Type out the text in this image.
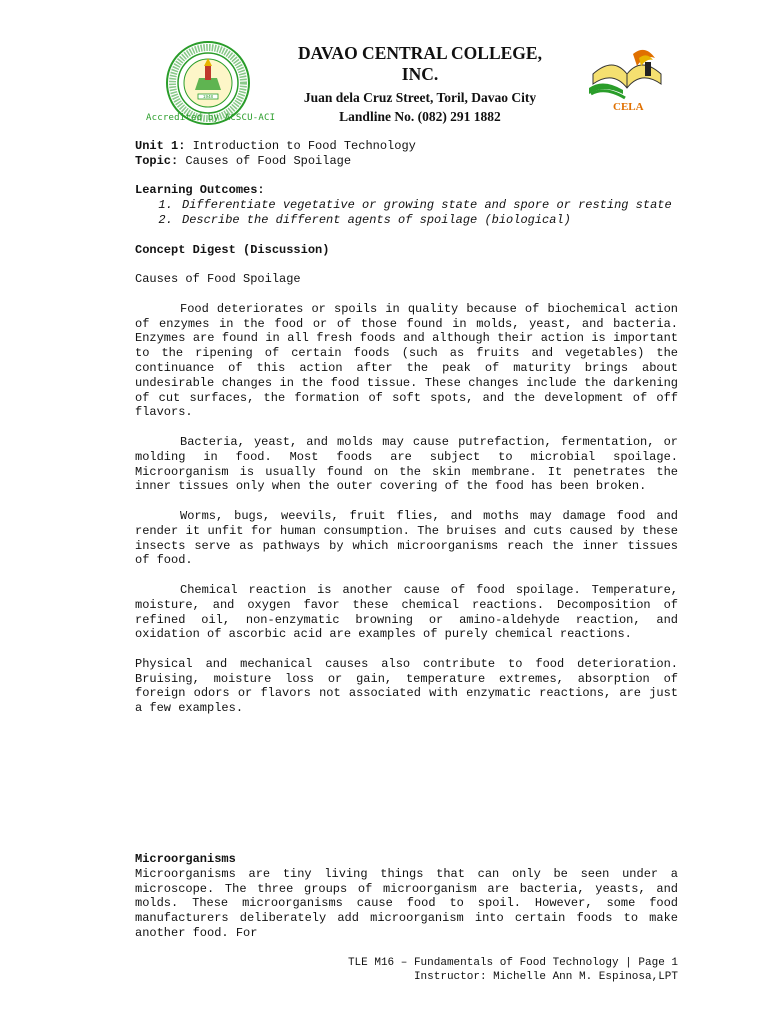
1948
Accredited by ACSCU-ACI
DAVAO CENTRAL COLLEGE,
INC.
Juan dela Cruz Street, Toril, Davao City
Landline No. (082) 291 1882
CELA

Unit 1: Introduction to Food Technology

Topic: Causes of Food Spoilage

Learning Outcomes:

1. Differentiate vegetative or growing state and spore or resting state
2. Describe the different agents of spoilage (biological)

Concept Digest (Discussion)

Causes of Food Spoilage

Food deteriorates or spoils in quality because of biochemical action of enzymes in the food or of those found in molds, yeast, and bacteria. Enzymes are found in all fresh foods and although their action is important to the ripening of certain foods (such as fruits and vegetables) the continuance of this action after the peak of maturity brings about undesirable changes in the food tissue. These changes include the darkening of cut surfaces, the formation of soft spots, and the development of off flavors.

Bacteria, yeast, and molds may cause putrefaction, fermentation, or molding in food. Most foods are subject to microbial spoilage. Microorganism is usually found on the skin membrane. It penetrates the inner tissues only when the outer covering of the food has been broken.

Worms, bugs, weevils, fruit flies, and moths may damage food and render it unfit for human consumption. The bruises and cuts caused by these insects serve as pathways by which microorganisms reach the inner tissues of food.

Chemical reaction is another cause of food spoilage. Temperature, moisture, and oxygen favor these chemical reactions. Decomposition of refined oil, non-enzymatic browning or amino-aldehyde reaction, and oxidation of ascorbic acid are examples of purely chemical reactions.

Physical and mechanical causes also contribute to food deterioration. Bruising, moisture loss or gain, temperature extremes, absorption of foreign odors or flavors not associated with enzymatic reactions, are just a few examples.

Microorganisms

Microorganisms are tiny living things that can only be seen under a microscope. The three groups of microorganism are bacteria, yeasts, and molds. These microorganisms cause food to spoil. However, some food manufacturers deliberately add microorganism into certain foods to make another food. For

TLE M16 – Fundamentals of Food Technology | Page 1
Instructor: Michelle Ann M. Espinosa,LPT
